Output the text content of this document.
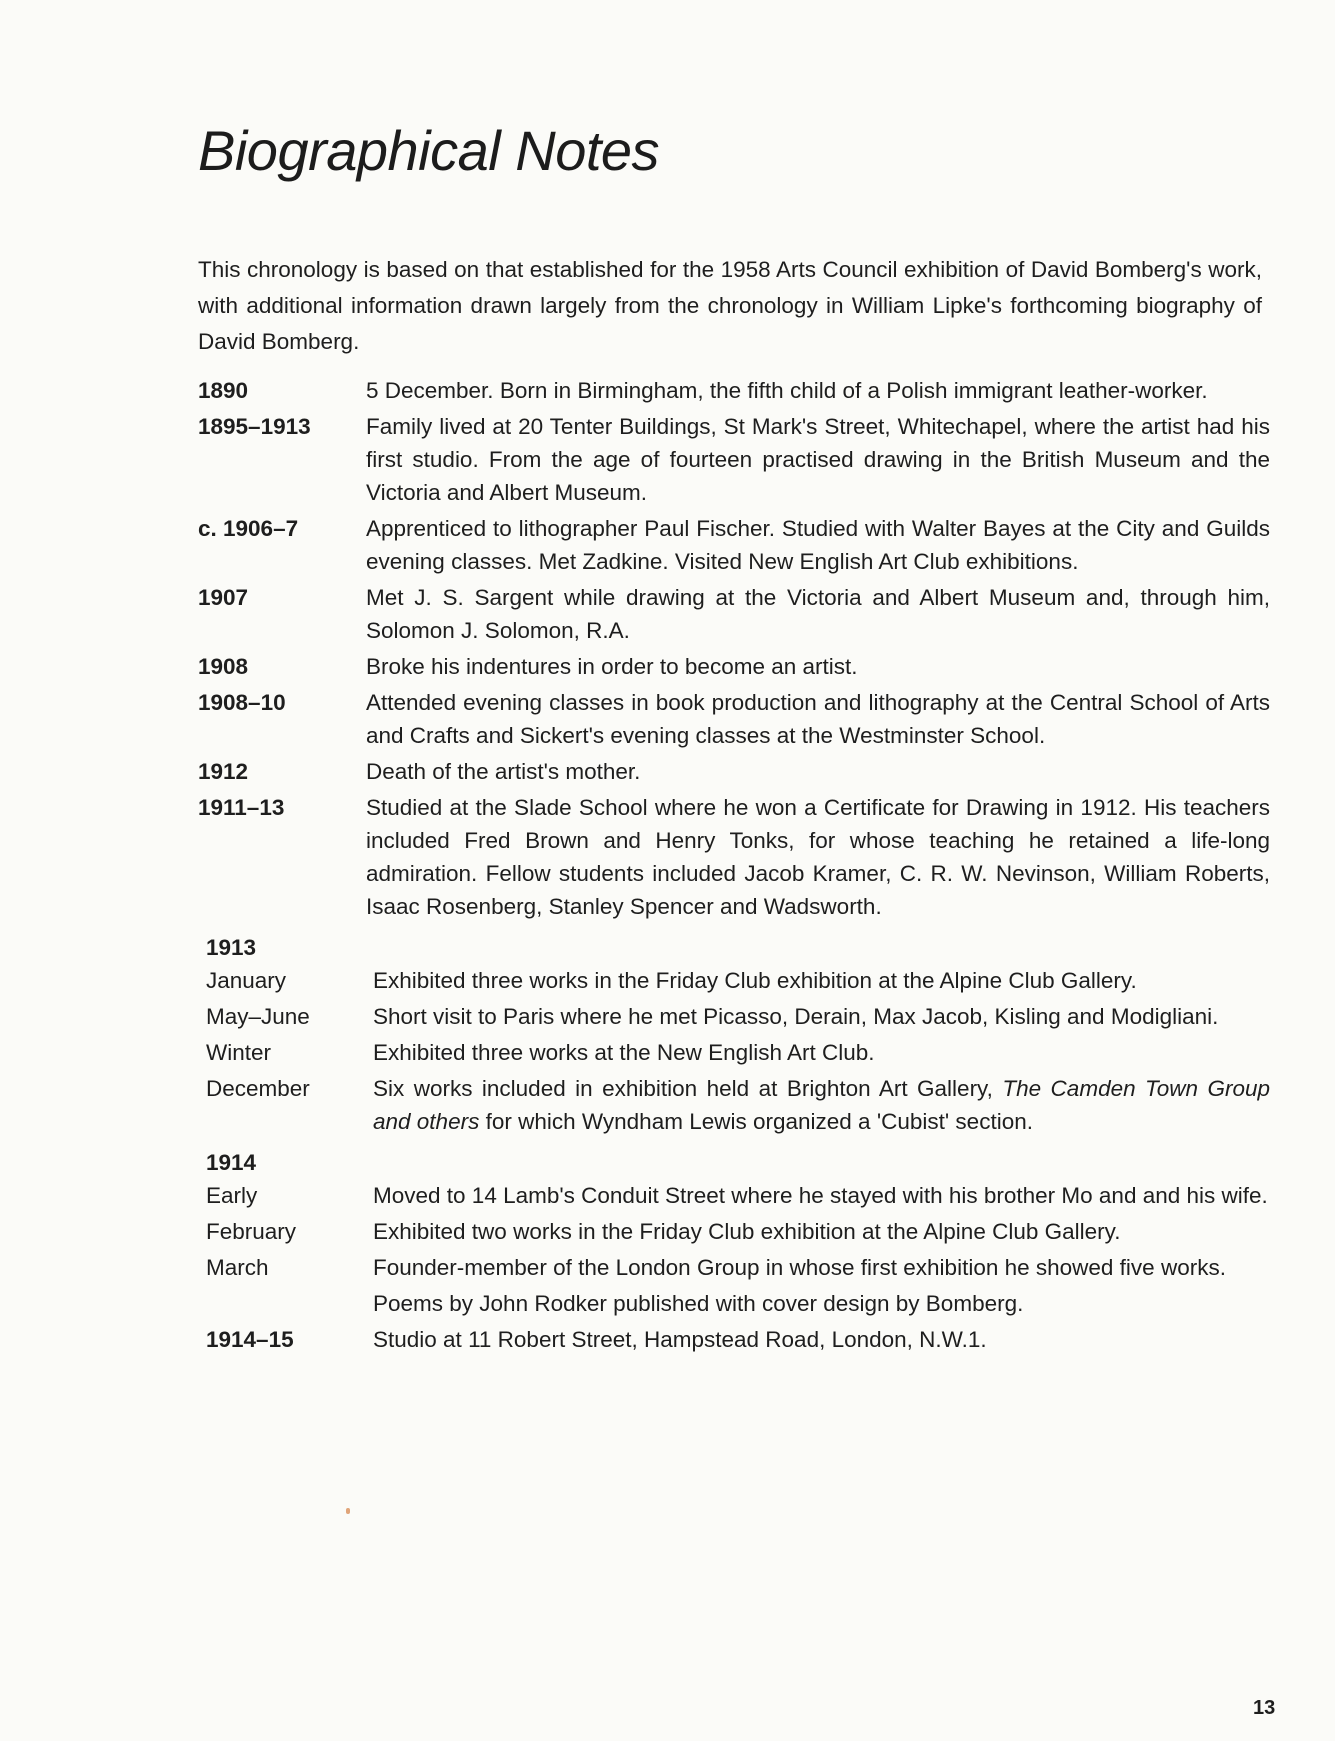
Biographical Notes

This chronology is based on that established for the 1958 Arts Council exhibition of David Bomberg's work, with additional information drawn largely from the chronology in William Lipke's forthcoming biography of David Bomberg.

1890	5 December. Born in Birmingham, the fifth child of a Polish immigrant leather-worker.
1895–1913	Family lived at 20 Tenter Buildings, St Mark's Street, Whitechapel, where the artist had his first studio. From the age of fourteen practised drawing in the British Museum and the Victoria and Albert Museum.
c. 1906–7	Apprenticed to lithographer Paul Fischer. Studied with Walter Bayes at the City and Guilds evening classes. Met Zadkine. Visited New English Art Club exhibitions.
1907	Met J. S. Sargent while drawing at the Victoria and Albert Museum and, through him, Solomon J. Solomon, R.A.
1908	Broke his indentures in order to become an artist.
1908–10	Attended evening classes in book production and lithography at the Central School of Arts and Crafts and Sickert's evening classes at the Westminster School.
1912	Death of the artist's mother.
1911–13	Studied at the Slade School where he won a Certificate for Drawing in 1912. His teachers included Fred Brown and Henry Tonks, for whose teaching he retained a life-long admiration. Fellow students included Jacob Kramer, C. R. W. Nevinson, William Roberts, Isaac Rosenberg, Stanley Spencer and Wadsworth.
1913
January	Exhibited three works in the Friday Club exhibition at the Alpine Club Gallery.
May–June	Short visit to Paris where he met Picasso, Derain, Max Jacob, Kisling and Modigliani.
Winter	Exhibited three works at the New English Art Club.
December	Six works included in exhibition held at Brighton Art Gallery, The Camden Town Group and others for which Wyndham Lewis organized a 'Cubist' section.
1914
Early	Moved to 14 Lamb's Conduit Street where he stayed with his brother Mo and and his wife.
February	Exhibited two works in the Friday Club exhibition at the Alpine Club Gallery.
March	Founder-member of the London Group in whose first exhibition he showed five works.
Poems by John Rodker published with cover design by Bomberg.
1914–15	Studio at 11 Robert Street, Hampstead Road, London, N.W.1.
13
